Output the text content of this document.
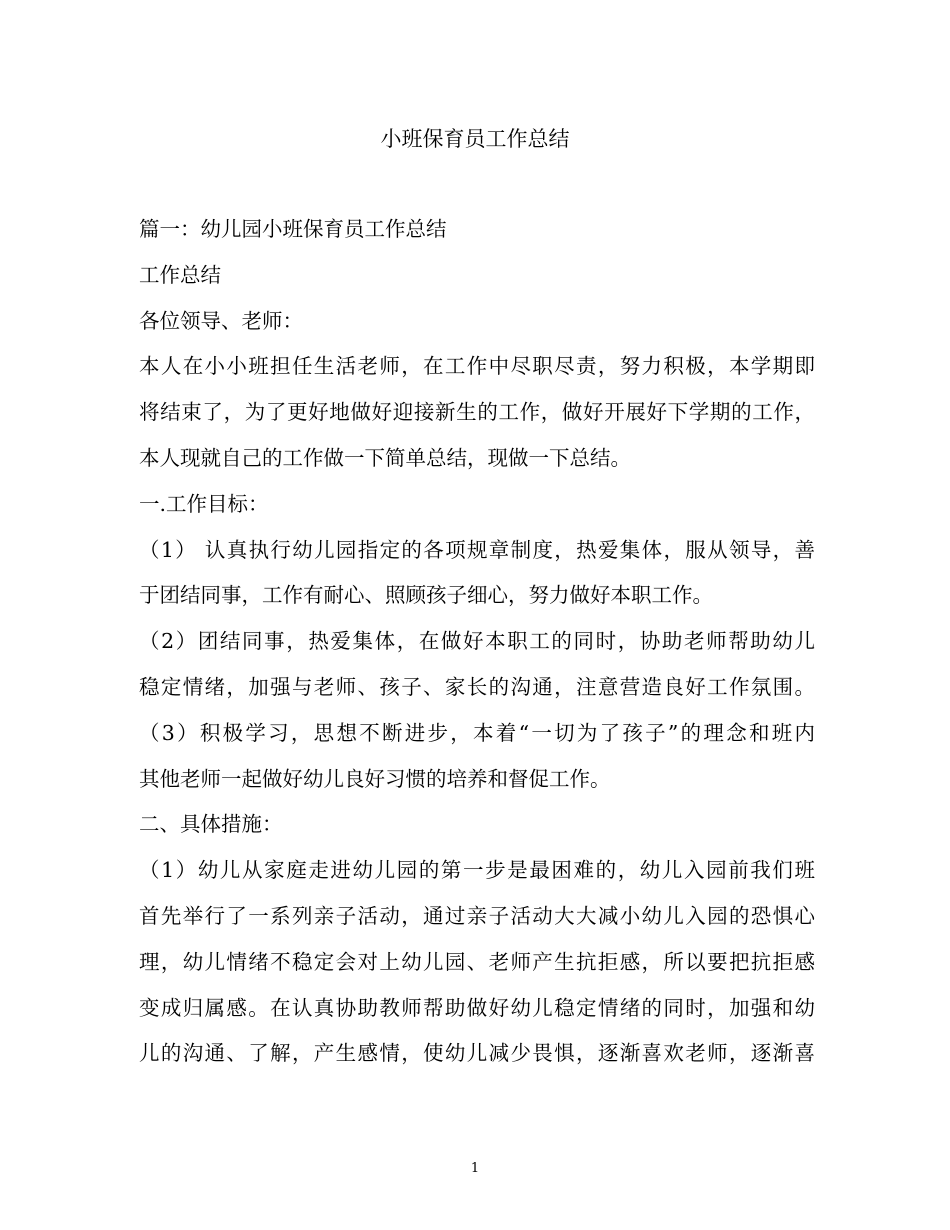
小班保育员工作总结
篇一：幼儿园小班保育员工作总结
工作总结
各位领导、老师：
本人在小小班担任生活老师，在工作中尽职尽责，努力积极，本学期即
将结束了，为了更好地做好迎接新生的工作，做好开展好下学期的工作，
本人现就自己的工作做一下简单总结，现做一下总结。
一.工作目标：
（1） 认真执行幼儿园指定的各项规章制度，热爱集体，服从领导，善
于团结同事，工作有耐心、照顾孩子细心，努力做好本职工作。
（2）团结同事，热爱集体，在做好本职工的同时，协助老师帮助幼儿
稳定情绪，加强与老师、孩子、家长的沟通，注意营造良好工作氛围。
（3）积极学习，思想不断进步，本着“一切为了孩子”的理念和班内
其他老师一起做好幼儿良好习惯的培养和督促工作。
二、具体措施：
（1）幼儿从家庭走进幼儿园的第一步是最困难的，幼儿入园前我们班
首先举行了一系列亲子活动，通过亲子活动大大减小幼儿入园的恐惧心
理，幼儿情绪不稳定会对上幼儿园、老师产生抗拒感，所以要把抗拒感
变成归属感。在认真协助教师帮助做好幼儿稳定情绪的同时，加强和幼
儿的沟通、了解，产生感情，使幼儿减少畏惧，逐渐喜欢老师，逐渐喜
1
